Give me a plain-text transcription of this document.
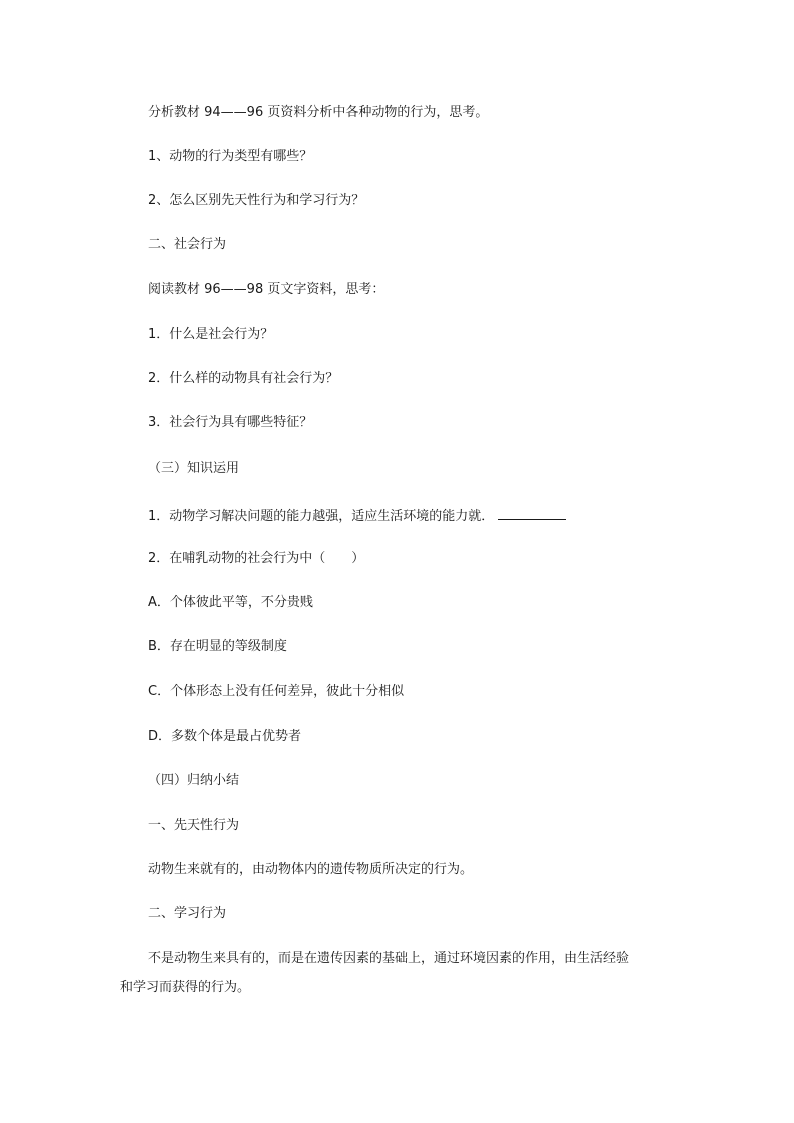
分析教材 94——96 页资料分析中各种动物的行为，思考。

1、动物的行为类型有哪些？

2、怎么区别先天性行为和学习行为？

二、社会行为

阅读教材 96——98 页文字资料，思考：

1．什么是社会行为？

2．什么样的动物具有社会行为？

3．社会行为具有哪些特征？

（三）知识运用

1．动物学习解决问题的能力越强，适应生活环境的能力就．

2．在哺乳动物的社会行为中（　　）

A．个体彼此平等，不分贵贱

B．存在明显的等级制度

C．个体形态上没有任何差异，彼此十分相似

D．多数个体是最占优势者

（四）归纳小结

一、先天性行为

动物生来就有的，由动物体内的遗传物质所决定的行为。

二、学习行为

不是动物生来具有的，而是在遗传因素的基础上，通过环境因素的作用，由生活经验和学习而获得的行为。
